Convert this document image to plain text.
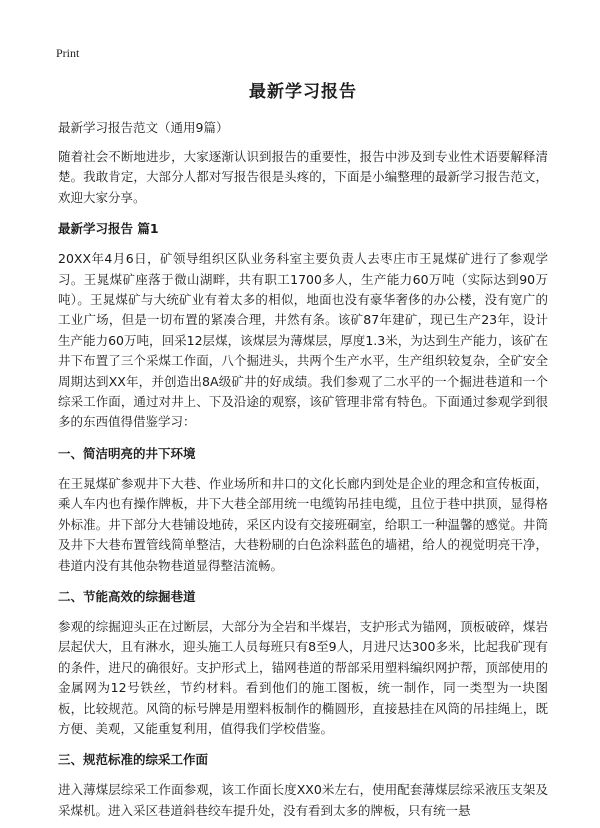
Print
最新学习报告

最新学习报告范文（通用9篇）

随着社会不断地进步，大家逐渐认识到报告的重要性，报告中涉及到专业性术语要解释清楚。我敢肯定，大部分人都对写报告很是头疼的，下面是小编整理的最新学习报告范文，欢迎大家分享。

最新学习报告 篇1

20XX年4月6日，矿领导组织区队业务科室主要负责人去枣庄市王晁煤矿进行了参观学习。王晁煤矿座落于微山湖畔，共有职工1700多人，生产能力60万吨（实际达到90万吨）。王晁煤矿与大统矿业有着太多的相似，地面也没有豪华奢侈的办公楼，没有宽广的工业广场，但是一切布置的紧凑合理，井然有条。该矿87年建矿，现已生产23年，设计生产能力60万吨，回采12层煤，该煤层为薄煤层，厚度1.3米，为达到生产能力，该矿在井下布置了三个采煤工作面，八个掘进头，共两个生产水平，生产组织较复杂，全矿安全周期达到XX年，并创造出8A级矿井的好成绩。我们参观了二水平的一个掘进巷道和一个综采工作面，通过对井上、下及沿途的观察，该矿管理非常有特色。下面通过参观学到很多的东西值得借鉴学习：

一、简洁明亮的井下环境

在王晁煤矿参观井下大巷、作业场所和井口的文化长廊内到处是企业的理念和宣传板面，乘人车内也有操作牌板，井下大巷全部用统一电缆钩吊挂电缆，且位于巷中拱顶，显得格外标准。井下部分大巷铺设地砖，采区内设有交接班硐室，给职工一种温馨的感觉。井筒及井下大巷布置管线简单整洁，大巷粉刷的白色涂料蓝色的墙裙，给人的视觉明亮干净，巷道内没有其他杂物巷道显得整洁流畅。

二、节能高效的综掘巷道

参观的综掘迎头正在过断层，大部分为全岩和半煤岩，支护形式为锚网，顶板破碎，煤岩层起伏大，且有淋水，迎头施工人员每班只有8至9人，月进尺达300多米，比起我矿现有的条件，进尺的确很好。支护形式上，锚网巷道的帮部采用塑料编织网护帮，顶部使用的金属网为12号铁丝，节约材料。看到他们的施工图板，统一制作，同一类型为一块图板，比较规范。风筒的标号牌是用塑料板制作的椭圆形，直接悬挂在风筒的吊挂绳上，既方便、美观，又能重复利用，值得我们学校借鉴。

三、规范标准的综采工作面

进入薄煤层综采工作面参观，该工作面长度XX0米左右，使用配套薄煤层综采液压支架及采煤机。进入采区巷道斜巷绞车提升处，没有看到太多的牌板，只有统一悬
